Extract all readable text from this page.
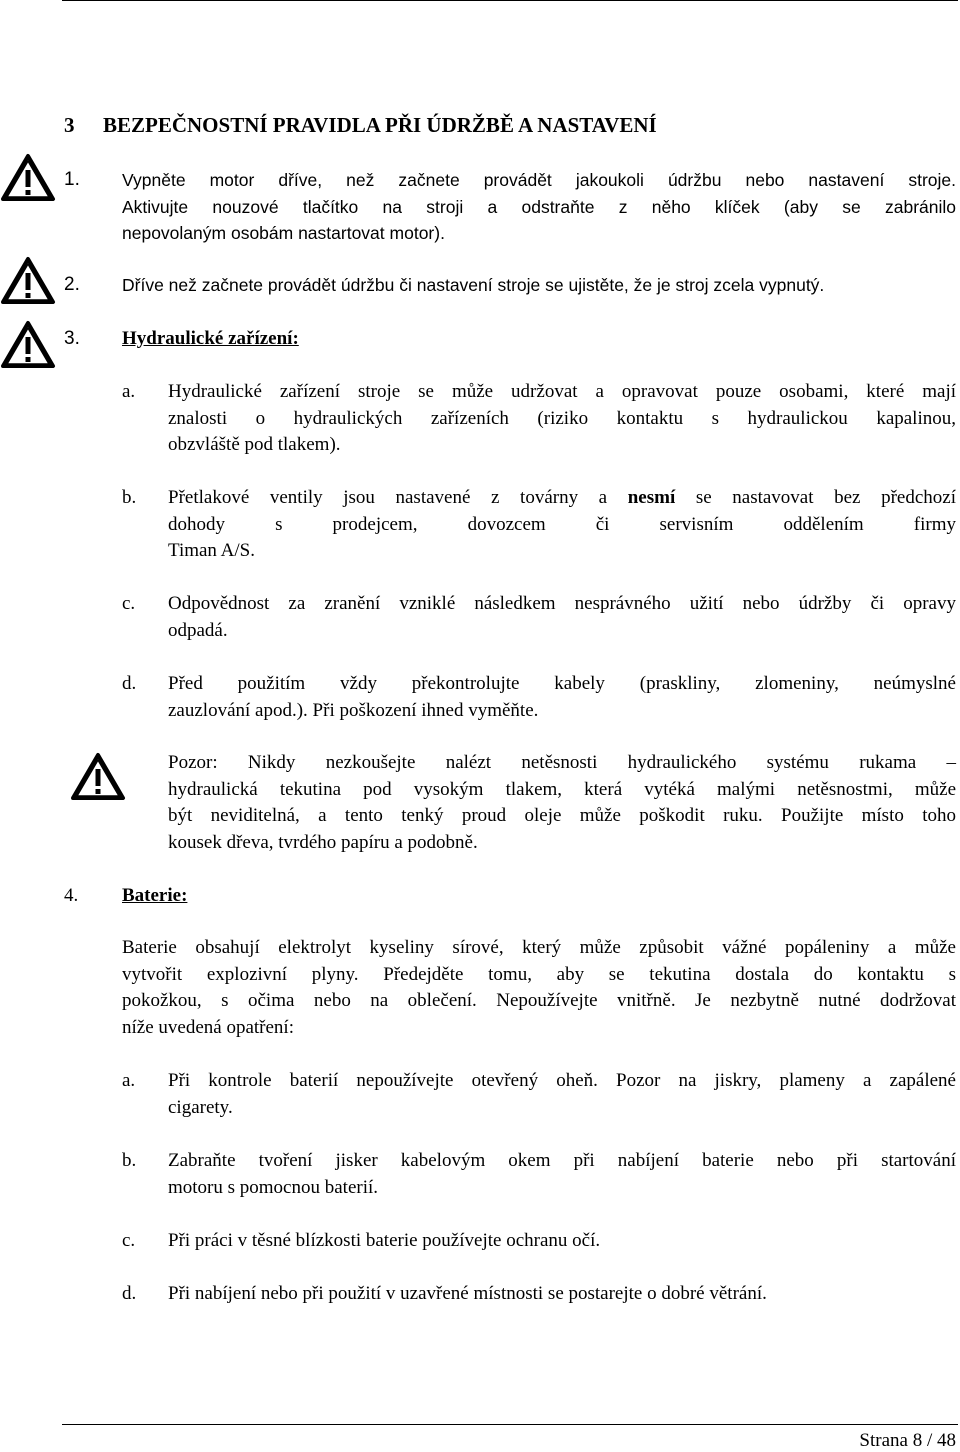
3 BEZPEČNOSTNÍ PRAVIDLA PŘI ÚDRŽBĚ A NASTAVENÍ
1. Vypněte motor dříve, než začnete provádět jakoukoli údržbu nebo nastavení stroje.
Aktivujte nouzové tlačítko na stroji a odstraňte z něho klíček (aby se zabránilo
nepovolaným osobám nastartovat motor).
2. Dříve než začnete provádět údržbu či nastavení stroje se ujistěte, že je stroj zcela vypnutý.
3. Hydraulické zařízení:
a. Hydraulické zařízení stroje se může udržovat a opravovat pouze osobami, které mají
znalosti o hydraulických zařízeních (riziko kontaktu s hydraulickou kapalinou,
obzvláště pod tlakem).
b. Přetlakové ventily jsou nastavené z továrny a nesmí se nastavovat bez předchozí
dohody s prodejcem, dovozcem či servisním oddělením firmy
Timan A/S.
c. Odpovědnost za zranění vzniklé následkem nesprávného užití nebo údržby či opravy
odpadá.
d. Před použitím vždy překontrolujte kabely (praskliny, zlomeniny, neúmyslné
zauzlování apod.). Při poškození ihned vyměňte.
Pozor: Nikdy nezkoušejte nalézt netěsnosti hydraulického systému rukama –
hydraulická tekutina pod vysokým tlakem, která vytéká malými netěsnostmi, může
být neviditelná, a tento tenký proud oleje může poškodit ruku. Použijte místo toho
kousek dřeva, tvrdého papíru a podobně.
4. Baterie:
Baterie obsahují elektrolyt kyseliny sírové, který může způsobit vážné popáleniny a může
vytvořit explozivní plyny. Předejděte tomu, aby se tekutina dostala do kontaktu s
pokožkou, s očima nebo na oblečení. Nepoužívejte vnitřně. Je nezbytně nutné dodržovat
níže uvedená opatření:
a. Při kontrole baterií nepoužívejte otevřený oheň. Pozor na jiskry, plameny a zapálené
cigarety.
b. Zabraňte tvoření jisker kabelovým okem při nabíjení baterie nebo při startování
motoru s pomocnou baterií.
c. Při práci v těsné blízkosti baterie používejte ochranu očí.
d. Při nabíjení nebo při použití v uzavřené místnosti se postarejte o dobré větrání.
Strana 8 / 48
